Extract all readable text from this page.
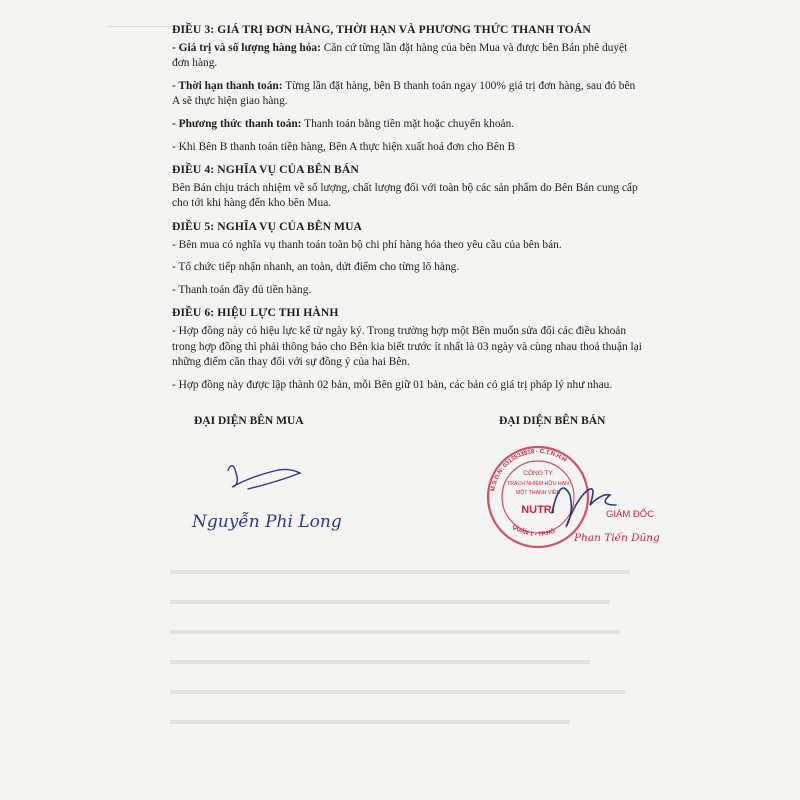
ĐIỀU 3: GIÁ TRỊ ĐƠN HÀNG, THỜI HẠN VÀ PHƯƠNG THỨC THANH TOÁN

- Giá trị và số lượng hàng hóa: Căn cứ từng lần đặt hàng của bên Mua và được bên Bán phê duyệt đơn hàng.

- Thời hạn thanh toán: Từng lần đặt hàng, bên B thanh toán ngay 100% giá trị đơn hàng, sau đó bên A sẽ thực hiện giao hàng.

- Phương thức thanh toán: Thanh toán bằng tiền mặt hoặc chuyển khoản.

- Khi Bên B thanh toán tiền hàng, Bên A thực hiện xuất hoá đơn cho Bên B

ĐIỀU 4: NGHĨA VỤ CỦA BÊN BÁN

Bên Bán chịu trách nhiệm về số lượng, chất lượng đối với toàn bộ các sản phẩm do Bên Bán cung cấp cho tới khi hàng đến kho bên Mua.

ĐIỀU 5: NGHĨA VỤ CỦA BÊN MUA

- Bên mua có nghĩa vụ thanh toán toàn bộ chi phí hàng hóa theo yêu cầu của bên bán.

- Tổ chức tiếp nhận nhanh, an toàn, dứt điểm cho từng lô hàng.

- Thanh toán đầy đủ tiền hàng.

ĐIỀU 6: HIỆU LỰC THI HÀNH

- Hợp đồng này có hiệu lực kể từ ngày ký. Trong trường hợp một Bên muốn sửa đổi các điều khoản trong hợp đồng thì phải thông báo cho Bên kia biết trước ít nhất là 03 ngày và cùng nhau thoả thuận lại những điểm cần thay đổi với sự đồng ý của hai Bên.

- Hợp đồng này được lập thành 02 bản, mỗi Bên giữ 01 bản, các bản có giá trị pháp lý như nhau.

ĐẠI DIỆN BÊN MUA	ĐẠI DIỆN BÊN BÁN
Nguyễn Phi Long
M.S.D.N: 0313533818 - C.T.N.H.H
QUẬN 1 - TP.HỒ
CÔNG TY
TRÁCH NHIỆM HỮU HẠN
MỘT THÀNH VIÊN
NUTRI	GIÁM ĐỐC
Phan Tiến Dũng
